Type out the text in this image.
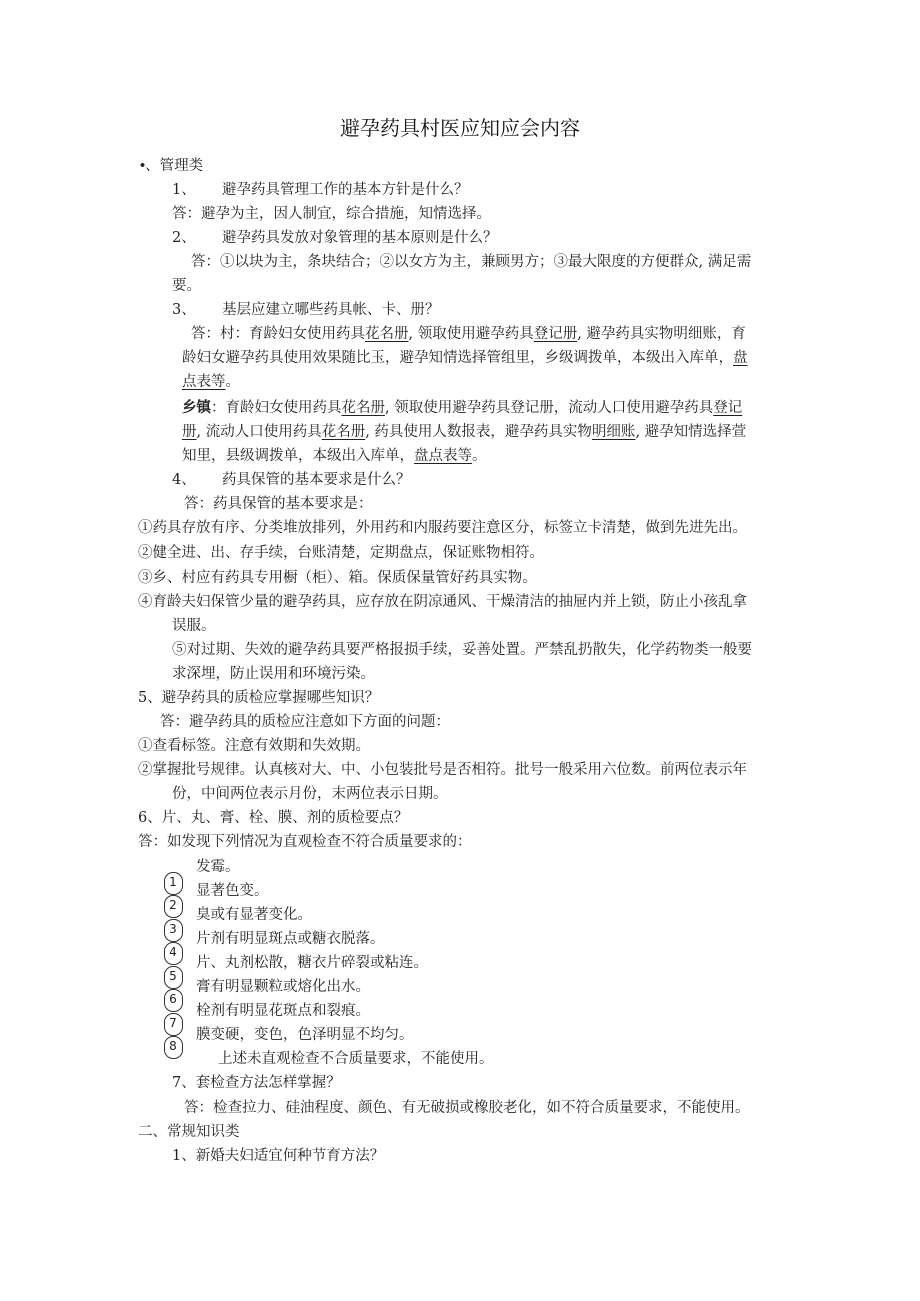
避孕药具村医应知应会内容
•、管理类
1、 避孕药具管理工作的基本方针是什么？
答：避孕为主，因人制宜，综合措施，知情选择。
2、 避孕药具发放对象管理的基本原则是什么？
答：①以块为主，条块结合；②以女方为主，兼顾男方；③最大限度的方便群众, 满足需
要。
3、 基层应建立哪些药具帐、卡、册？
答：村：育龄妇女使用药具花名册, 领取使用避孕药具登记册, 避孕药具实物明细账，育
龄妇女避孕药具使用效果随比玉，避孕知情选择管组里，乡级调拨单，本级出入库单，盘
点表等。
乡镇：育龄妇女使用药具花名册, 领取使用避孕药具登记册，流动人口使用避孕药具登记
册, 流动人口使用药具花名册, 药具使用人数报表，避孕药具实物明细账, 避孕知情选择萱
知里，县级调拨单，本级出入库单，盘点表等。
4、 药具保管的基本要求是什么？
答：药具保管的基本要求是：
①药具存放有序、分类堆放排列，外用药和内服药要注意区分，标签立卡清楚，做到先进先出。
②健全进、出、存手续，台账清楚，定期盘点，保证账物相符。
③乡、村应有药具专用橱（柜）、箱。保质保量管好药具实物。
④育龄夫妇保管少量的避孕药具，应存放在阴凉通风、干燥清洁的抽屉内并上锁，防止小孩乱拿
误服。
⑤对过期、失效的避孕药具要严格报损手续，妥善处置。严禁乱扔散失，化学药物类一般要
求深埋，防止误用和环境污染。
5、避孕药具的质检应掌握哪些知识？
答：避孕药具的质检应注意如下方面的问题：
①查看标签。注意有效期和失效期。
②掌握批号规律。认真核对大、中、小包装批号是否相符。批号一般采用六位数。前两位表示年
份，中间两位表示月份，末两位表示日期。
6、片、丸、膏、栓、膜、剂的质检要点？
答：如发现下列情况为直观检查不符合质量要求的：
1
2
3
4
5
6
7
8
发霉。
显著色变。
臭或有显著变化。
片剂有明显斑点或糖衣脱落。
片、丸剂松散，糖衣片碎裂或粘连。
膏有明显颗粒或熔化出水。
栓剂有明显花斑点和裂痕。
膜变硬，变色，色泽明显不均匀。
上述未直观检查不合质量要求，不能使用。
7、套检查方法怎样掌握？
答：检查拉力、硅油程度、颜色、有无破损或橡胶老化，如不符合质量要求，不能使用。
二、常规知识类
1、新婚夫妇适宜何种节育方法？
